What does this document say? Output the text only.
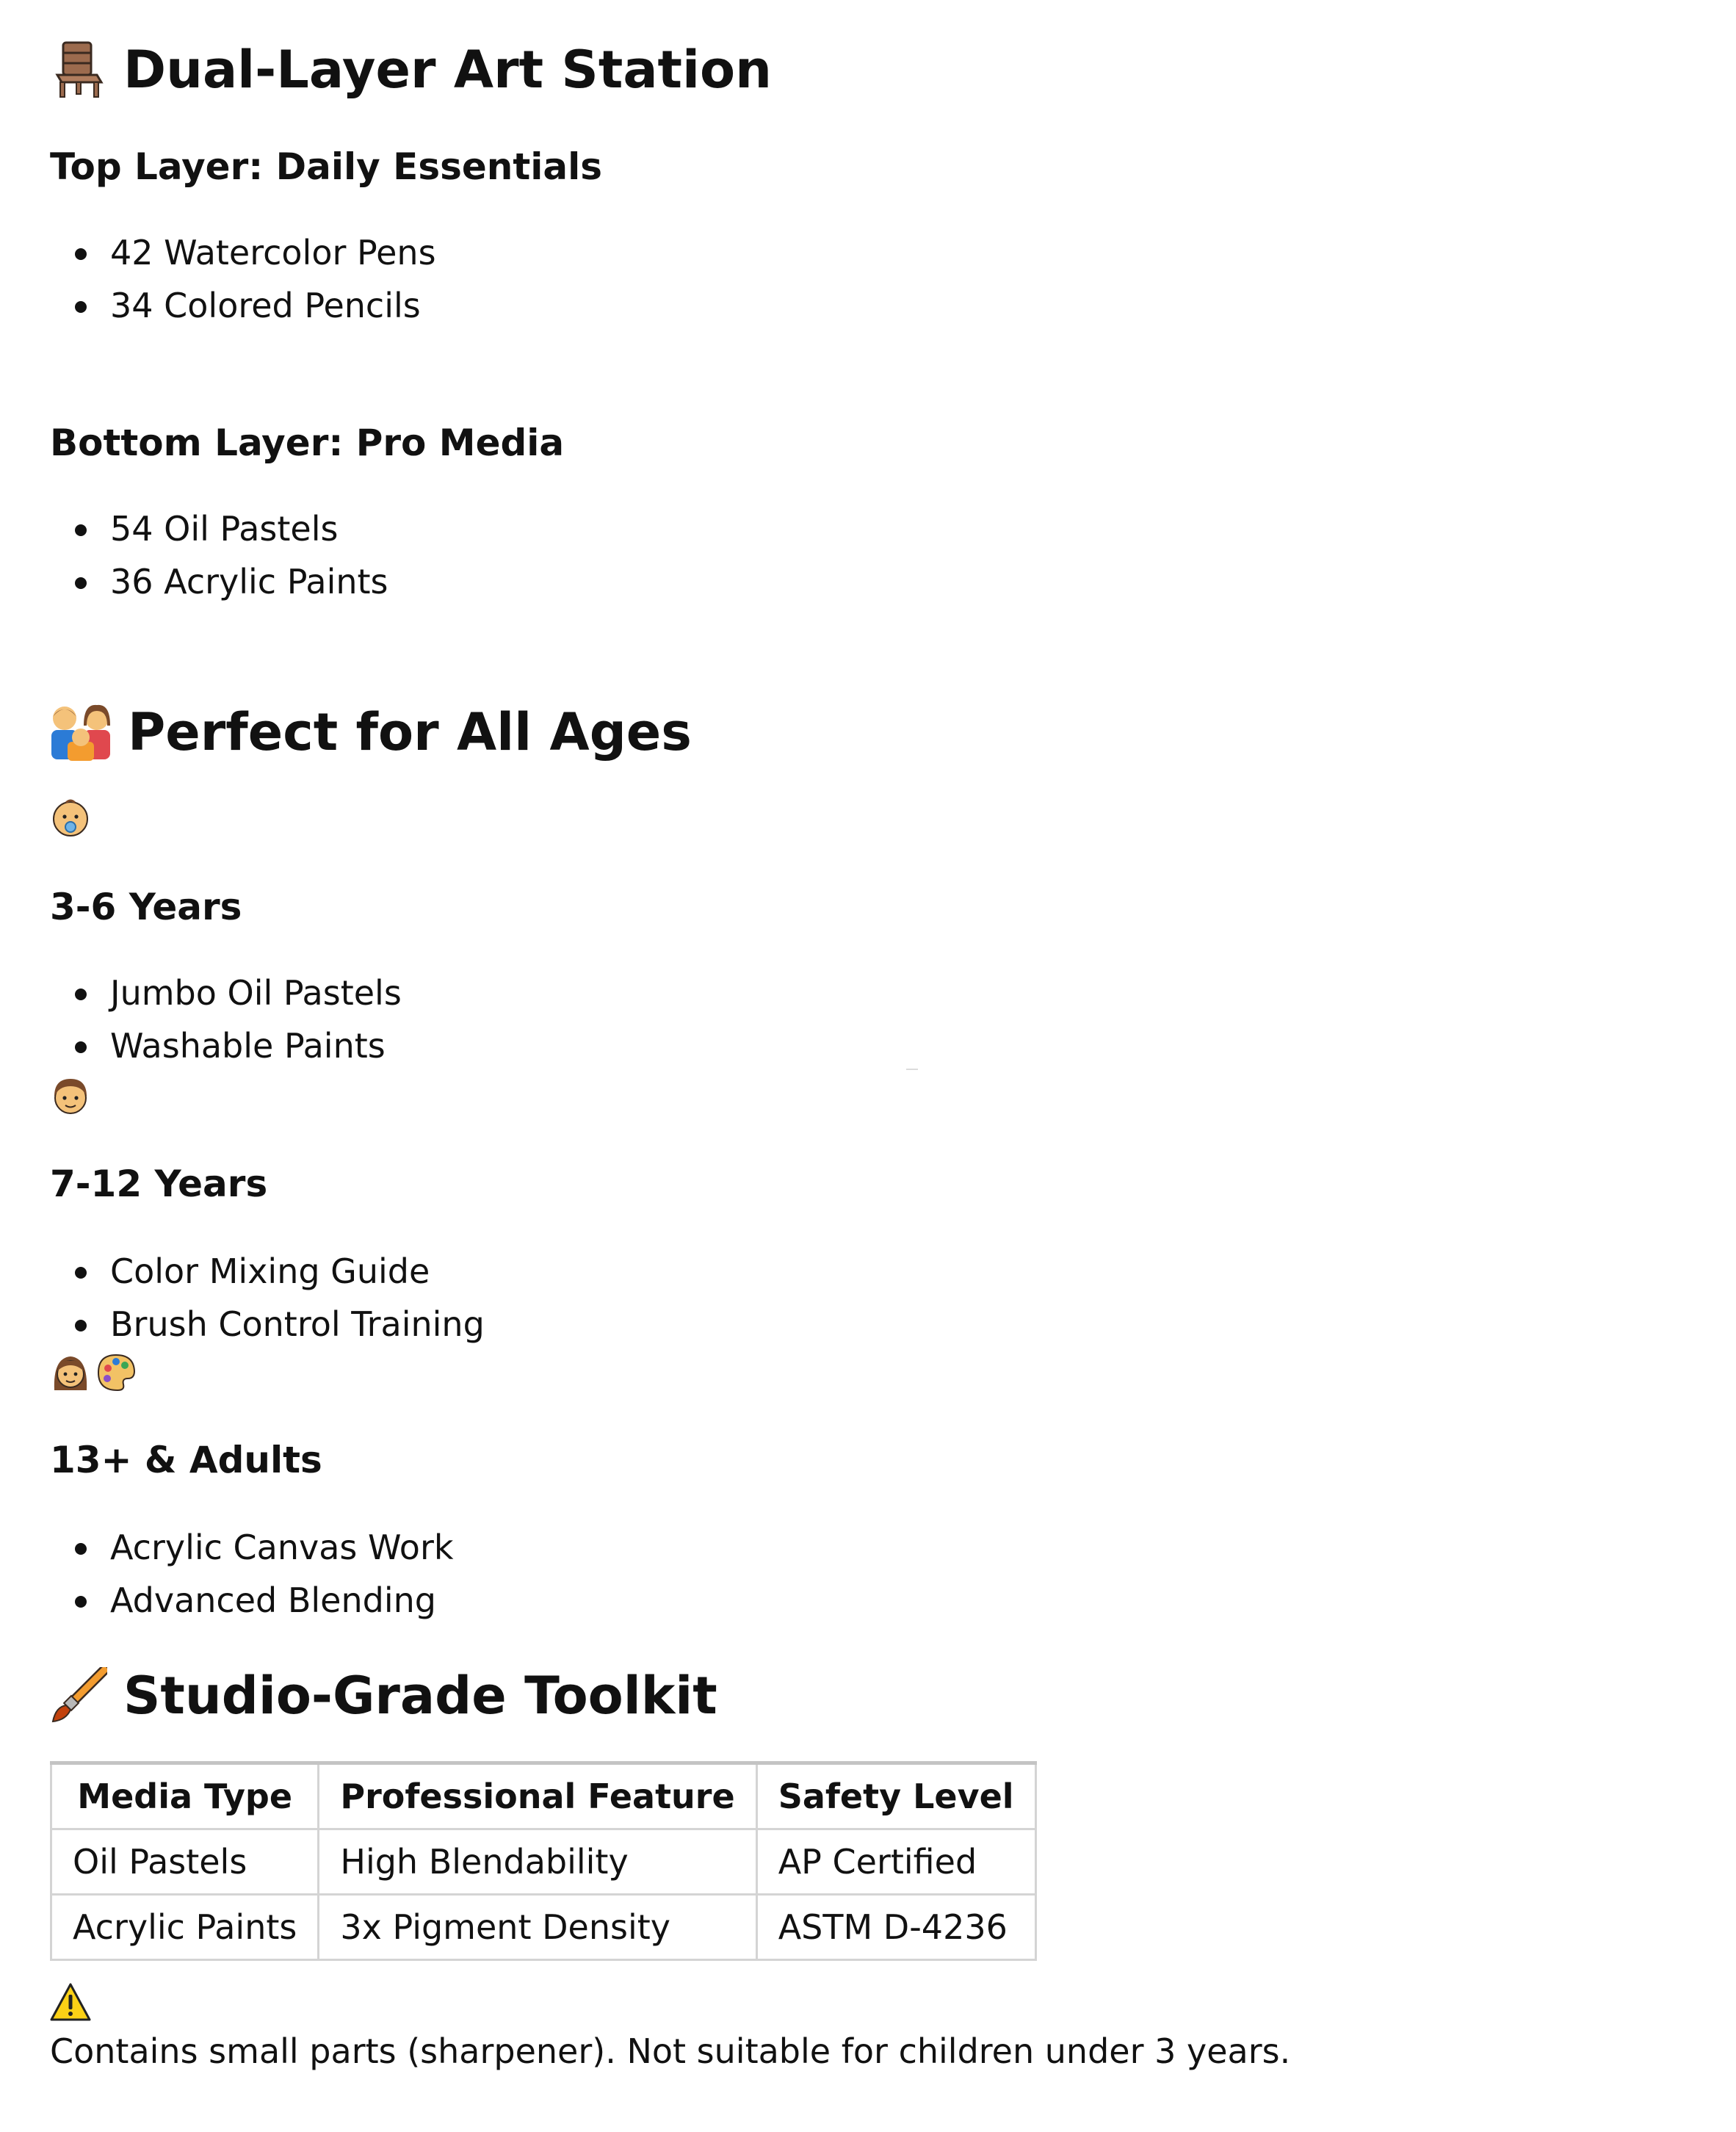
Dual-Layer Art Station
Top Layer: Daily Essentials
42 Watercolor Pens
34 Colored Pencils
Bottom Layer: Pro Media
54 Oil Pastels
36 Acrylic Paints
Perfect for All Ages
3-6 Years
Jumbo Oil Pastels
Washable Paints
7-12 Years
Color Mixing Guide
Brush Control Training
13+ & Adults
Acrylic Canvas Work
Advanced Blending
Studio-Grade Toolkit
Media Type	Professional Feature	Safety Level
Oil Pastels	High Blendability	AP Certified
Acrylic Paints	3x Pigment Density	ASTM D-4236
Contains small parts (sharpener). Not suitable for children under 3 years.
